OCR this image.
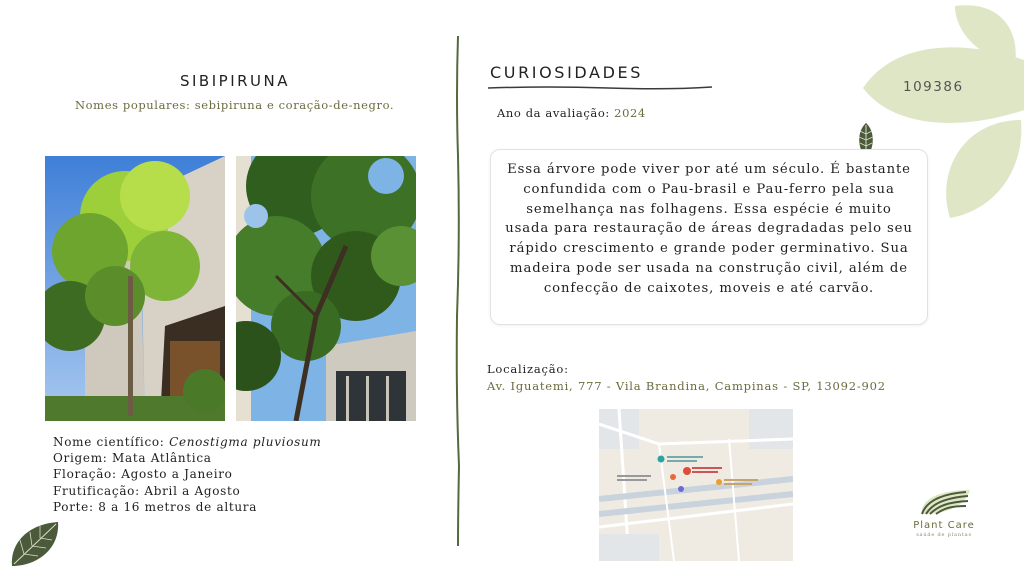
SIBIPIRUNA
Nomes populares: sebipiruna e coração-de-negro.
Nome científico: Cenostigma pluviosum
Origem: Mata Atlântica
Floração: Agosto a Janeiro
Frutificação: Abril a Agosto
Porte: 8 a 16 metros de altura
CURIOSIDADES
Ano da avaliação: 2024

Essa árvore pode viver por até um século. É bastante confundida com o Pau-brasil e Pau-ferro pela sua semelhança nas folhagens. Essa espécie é muito usada para restauração de áreas degradadas pelo seu rápido crescimento e grande poder germinativo. Sua madeira pode ser usada na construção civil, além de confecção de caixotes, moveis e até carvão.

Localização:
Av. Iguatemi, 777 - Vila Brandina, Campinas - SP, 13092-902
109386
Plant Care
saúde de plantas
